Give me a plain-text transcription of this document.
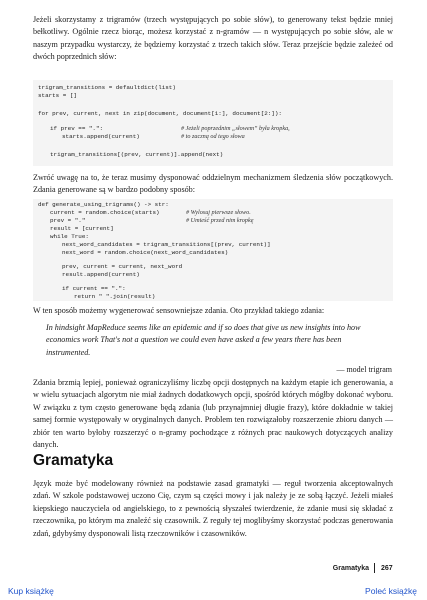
Jeżeli skorzystamy z trigramów (trzech występujących po sobie słów), to generowany tekst będzie mniej bełkotliwy. Ogólnie rzecz biorąc, możesz korzystać z n-gramów — n występujących po sobie słów, ale w naszym przypadku wystarczy, że będziemy korzystać z trzech takich słów. Teraz przejście będzie zależeć od dwóch poprzednich słów:

trigram_transitions = defaultdict(list)
starts = []
for prev, current, next in zip(document, document[1:], document[2:]):
if prev == ".":	# Jeżeli poprzednim „słowem” była kropka,
starts.append(current)	# to zaczną od tego słowa
trigram_transitions[(prev, current)].append(next)

Zwróć uwagę na to, że teraz musimy dysponować oddzielnym mechanizmem śledzenia słów początkowych. Zdania generowane są w bardzo podobny sposób:

def generate_using_trigrams() -> str:
current = random.choice(starts)	# Wylosuj pierwsze słowo.
prev = "."	# Umieść przed nim kropkę
result = [current]
while True:
next_word_candidates = trigram_transitions[(prev, current)]
next_word = random.choice(next_word_candidates)
prev, current = current, next_word
result.append(current)
if current == ".":
return " ".join(result)

W ten sposób możemy wygenerować sensowniejsze zdania. Oto przykład takiego zdania:

In hindsight MapReduce seems like an epidemic and if so does that give us new insights into how economics work That's not a question we could even have asked a few years there has been instrumented.
— model trigram

Zdania brzmią lepiej, ponieważ ograniczyliśmy liczbę opcji dostępnych na każdym etapie ich generowania, a w wielu sytuacjach algorytm nie miał żadnych dodatkowych opcji, spośród których mógłby dokonać wyboru. W związku z tym często generowane będą zdania (lub przynajmniej długie frazy), które dokładnie w takiej samej formie występowały w oryginalnych danych. Problem ten rozwiązałoby rozszerzenie zbioru danych — zbiór ten warto byłoby rozszerzyć o n-gramy pochodzące z różnych prac naukowych dotyczących analizy danych.

Gramatyka

Język może być modelowany również na podstawie zasad gramatyki — reguł tworzenia akceptowalnych zdań. W szkole podstawowej uczono Cię, czym są części mowy i jak należy je ze sobą łączyć. Jeżeli miałeś kiepskiego nauczyciela od angielskiego, to z pewnością słyszałeś twierdzenie, że zdanie musi się składać z rzeczownika, po którym ma znaleźć się czasownik. Z reguły tej moglibyśmy skorzystać podczas generowania zdań, gdybyśmy dysponowali listą rzeczowników i czasowników.

Gramatyka 267
Kup książkę	Poleć książkę
